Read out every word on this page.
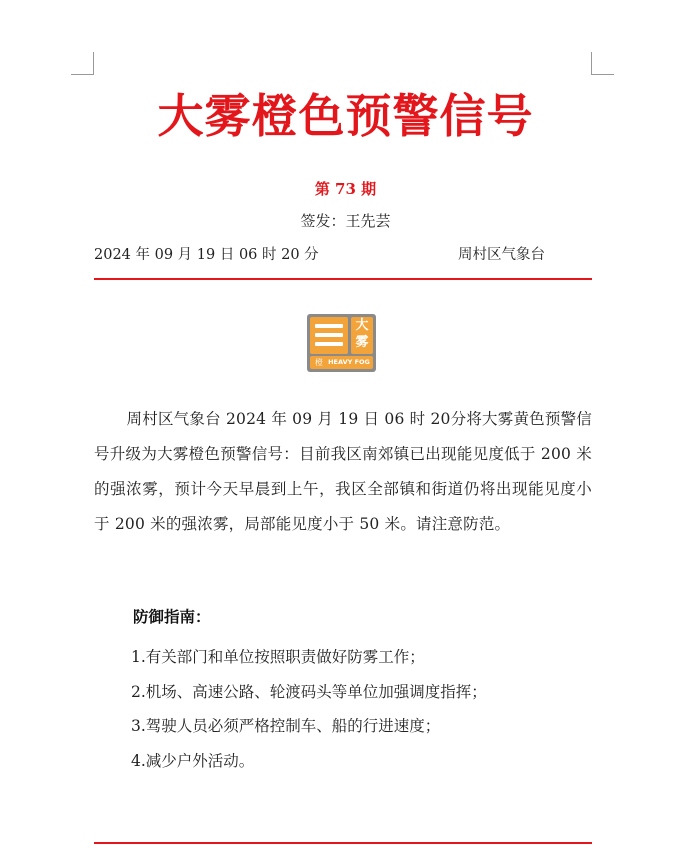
大雾橙色预警信号
第 73 期
签发：王先芸
2024 年 09 月 19 日 06 时 20 分	周村区气象台
大
雾
橙 HEAVY FOG
周村区气象台 2024 年 09 月 19 日 06 时 20分将大雾黄色预警信号升级为大雾橙色预警信号：目前我区南郊镇已出现能见度低于 200 米的强浓雾，预计今天早晨到上午，我区全部镇和街道仍将出现能见度小于 200 米的强浓雾，局部能见度小于 50 米。请注意防范。
防御指南：
1.有关部门和单位按照职责做好防雾工作；
2.机场、高速公路、轮渡码头等单位加强调度指挥；
3.驾驶人员必须严格控制车、船的行进速度；
4.减少户外活动。
